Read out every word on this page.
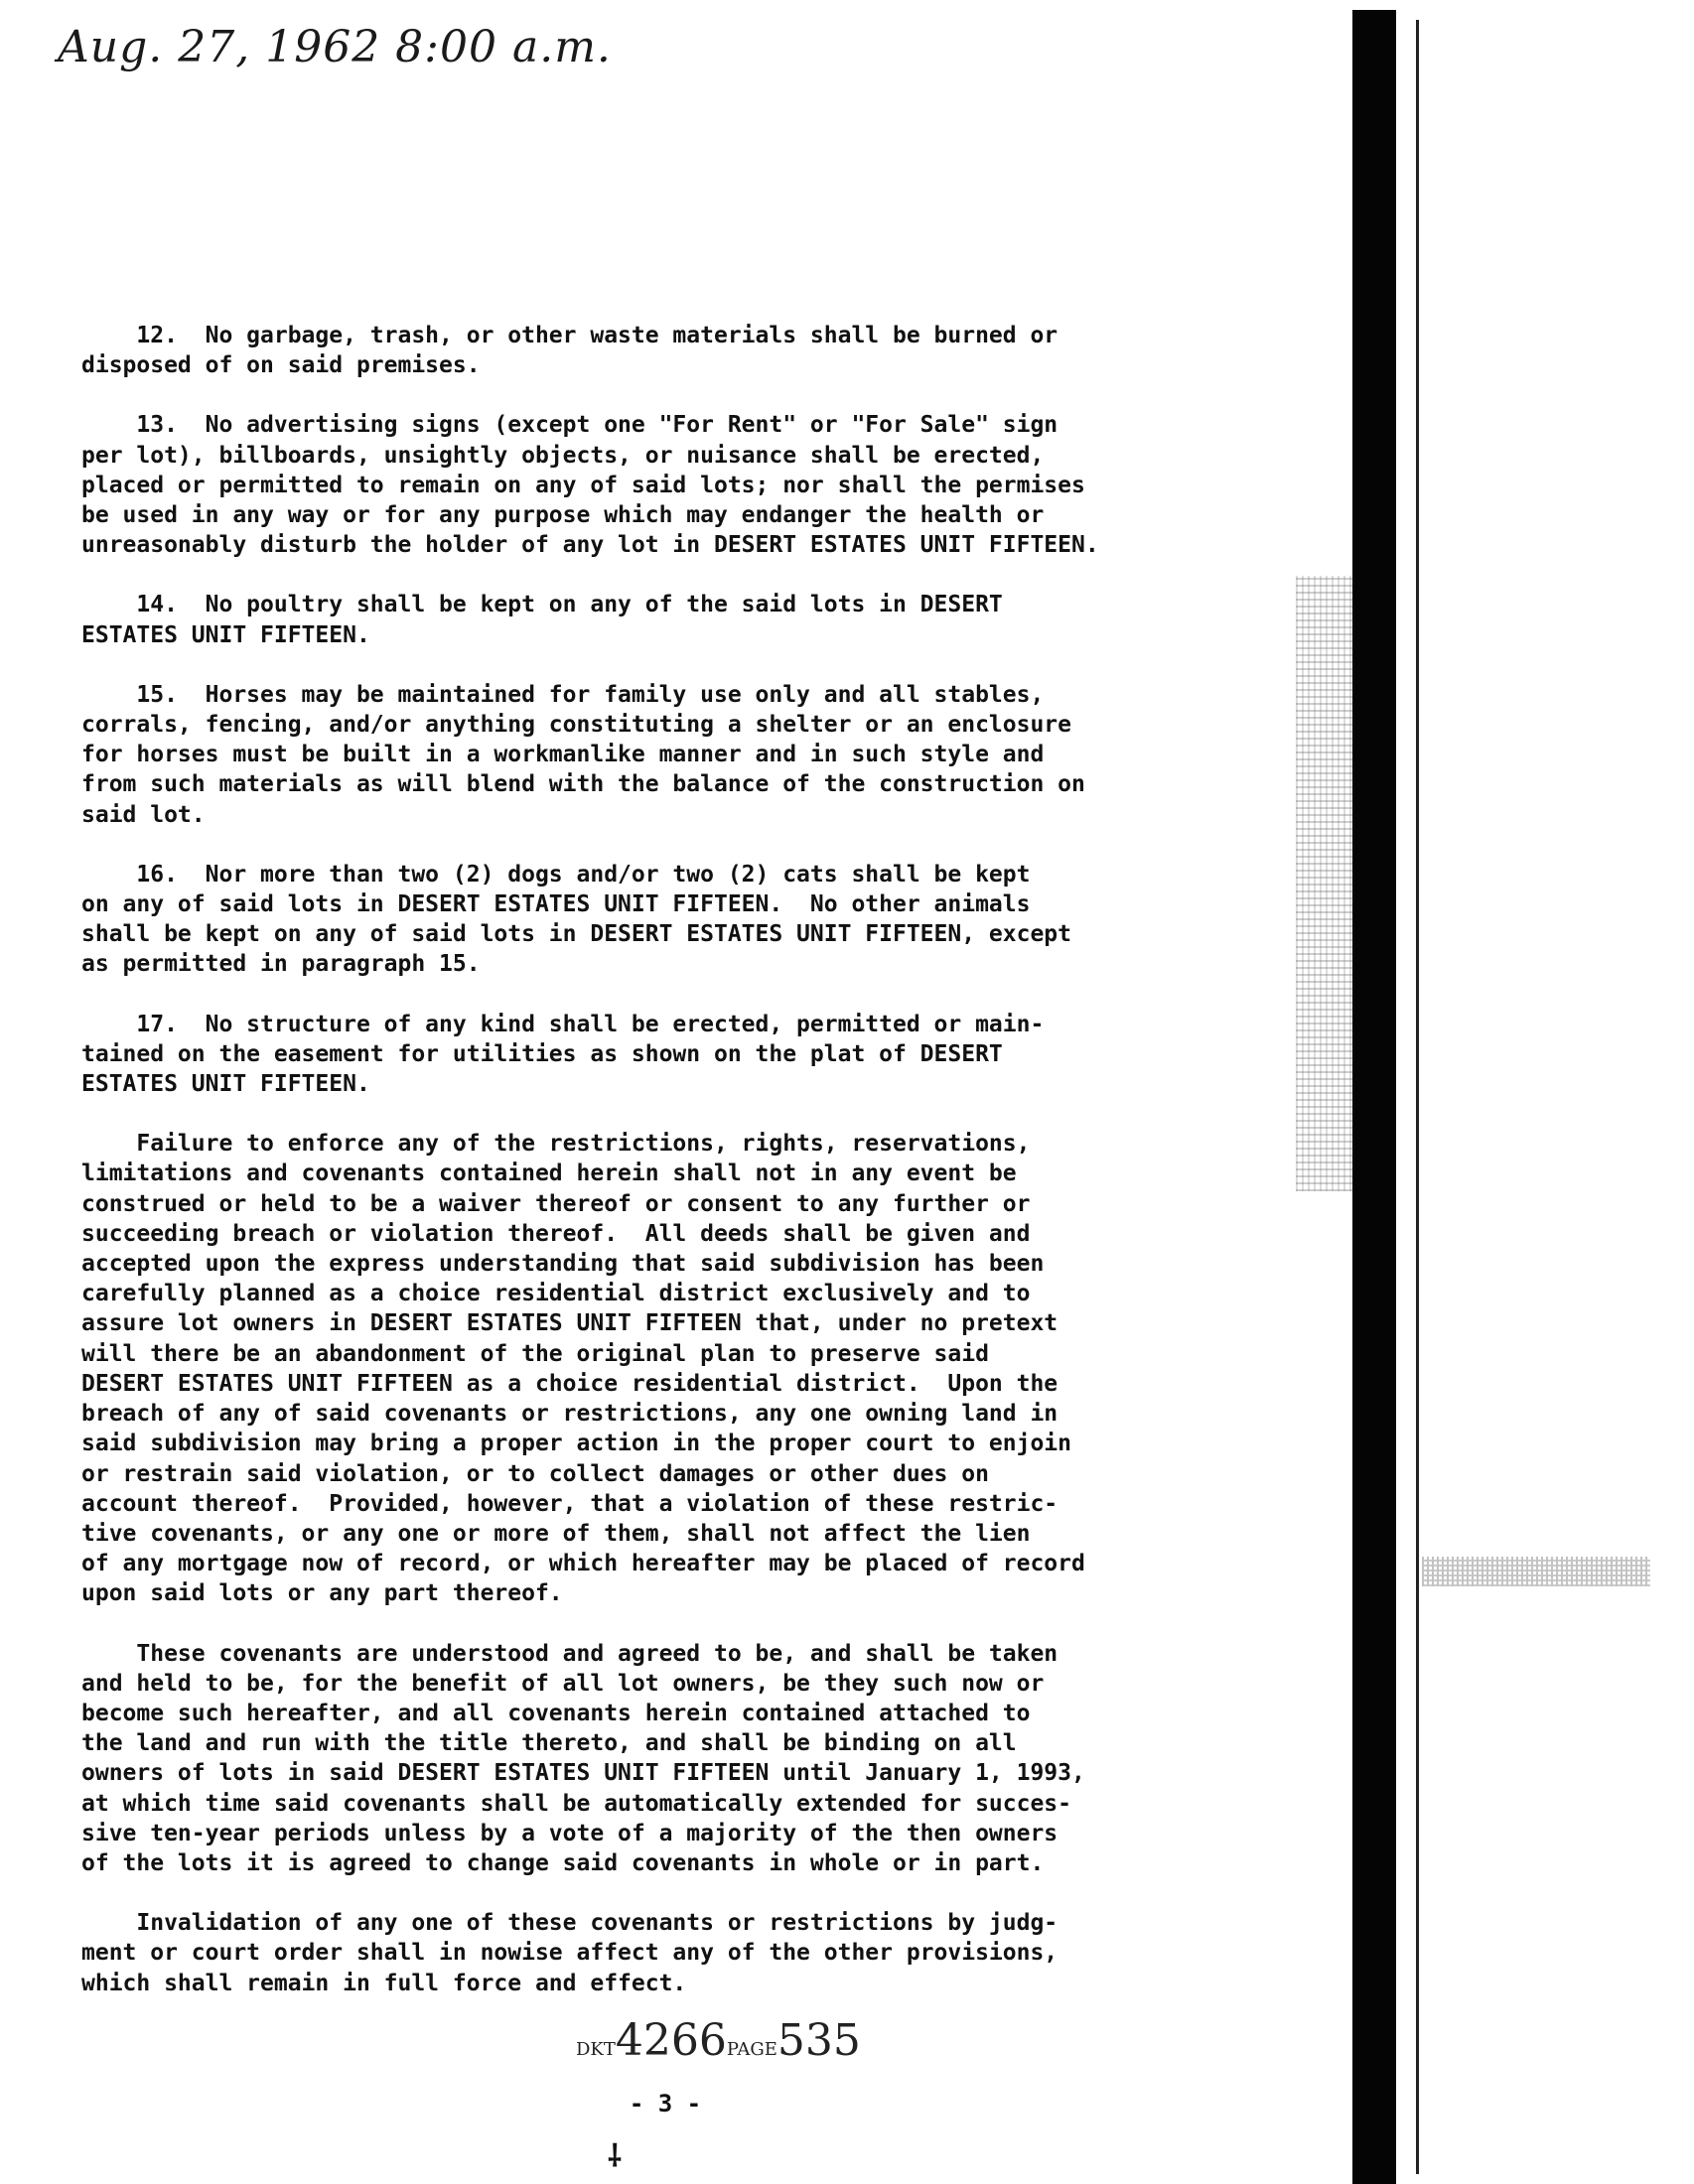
Aug. 27, 1962 8:00 a.m.
12.  No garbage, trash, or other waste materials shall be burned or
disposed of on said premises.
13.  No advertising signs (except one "For Rent" or "For Sale" sign
per lot), billboards, unsightly objects, or nuisance shall be erected,
placed or permitted to remain on any of said lots; nor shall the permises
be used in any way or for any purpose which may endanger the health or
unreasonably disturb the holder of any lot in DESERT ESTATES UNIT FIFTEEN.
14.  No poultry shall be kept on any of the said lots in DESERT
ESTATES UNIT FIFTEEN.
15.  Horses may be maintained for family use only and all stables,
corrals, fencing, and/or anything constituting a shelter or an enclosure
for horses must be built in a workmanlike manner and in such style and
from such materials as will blend with the balance of the construction on
said lot.
16.  Nor more than two (2) dogs and/or two (2) cats shall be kept
on any of said lots in DESERT ESTATES UNIT FIFTEEN.  No other animals
shall be kept on any of said lots in DESERT ESTATES UNIT FIFTEEN, except
as permitted in paragraph 15.
17.  No structure of any kind shall be erected, permitted or main-
tained on the easement for utilities as shown on the plat of DESERT
ESTATES UNIT FIFTEEN.
Failure to enforce any of the restrictions, rights, reservations,
limitations and covenants contained herein shall not in any event be
construed or held to be a waiver thereof or consent to any further or
succeeding breach or violation thereof.  All deeds shall be given and
accepted upon the express understanding that said subdivision has been
carefully planned as a choice residential district exclusively and to
assure lot owners in DESERT ESTATES UNIT FIFTEEN that, under no pretext
will there be an abandonment of the original plan to preserve said
DESERT ESTATES UNIT FIFTEEN as a choice residential district.  Upon the
breach of any of said covenants or restrictions, any one owning land in
said subdivision may bring a proper action in the proper court to enjoin
or restrain said violation, or to collect damages or other dues on
account thereof.  Provided, however, that a violation of these restric-
tive covenants, or any one or more of them, shall not affect the lien
of any mortgage now of record, or which hereafter may be placed of record
upon said lots or any part thereof.
These covenants are understood and agreed to be, and shall be taken
and held to be, for the benefit of all lot owners, be they such now or
become such hereafter, and all covenants herein contained attached to
the land and run with the title thereto, and shall be binding on all
owners of lots in said DESERT ESTATES UNIT FIFTEEN until January 1, 1993,
at which time said covenants shall be automatically extended for succes-
sive ten-year periods unless by a vote of a majority of the then owners
of the lots it is agreed to change said covenants in whole or in part.
Invalidation of any one of these covenants or restrictions by judg-
ment or court order shall in nowise affect any of the other provisions,
which shall remain in full force and effect.
DKT4266PAGE535
- 3 -
⸸
